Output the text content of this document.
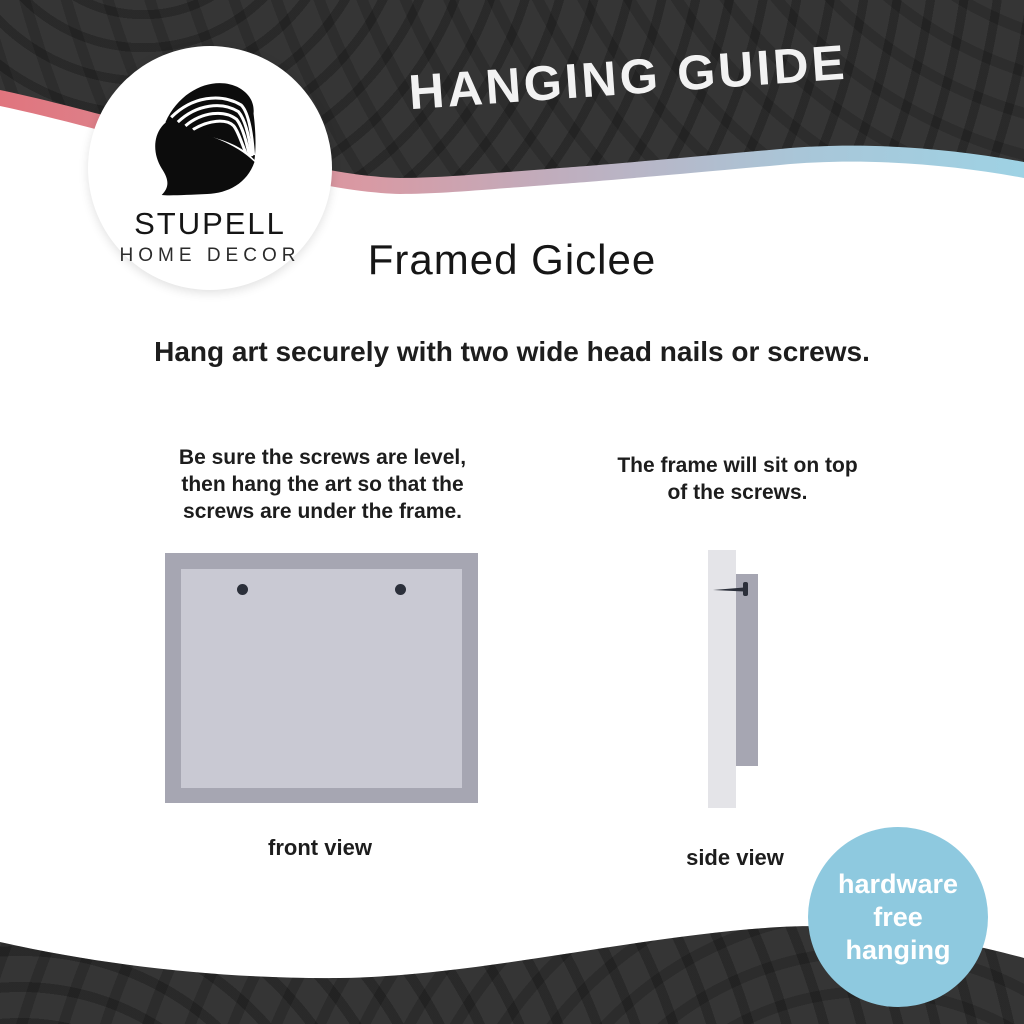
HANGING GUIDE
STUPELL
HOME DECOR	Framed Giclee
Hang art securely with two wide head nails or screws.
Be sure the screws are level,
then hang the art so that the
screws are under the frame.
The frame will sit on top
of the screws.
front view	side view
hardware
free
hanging
